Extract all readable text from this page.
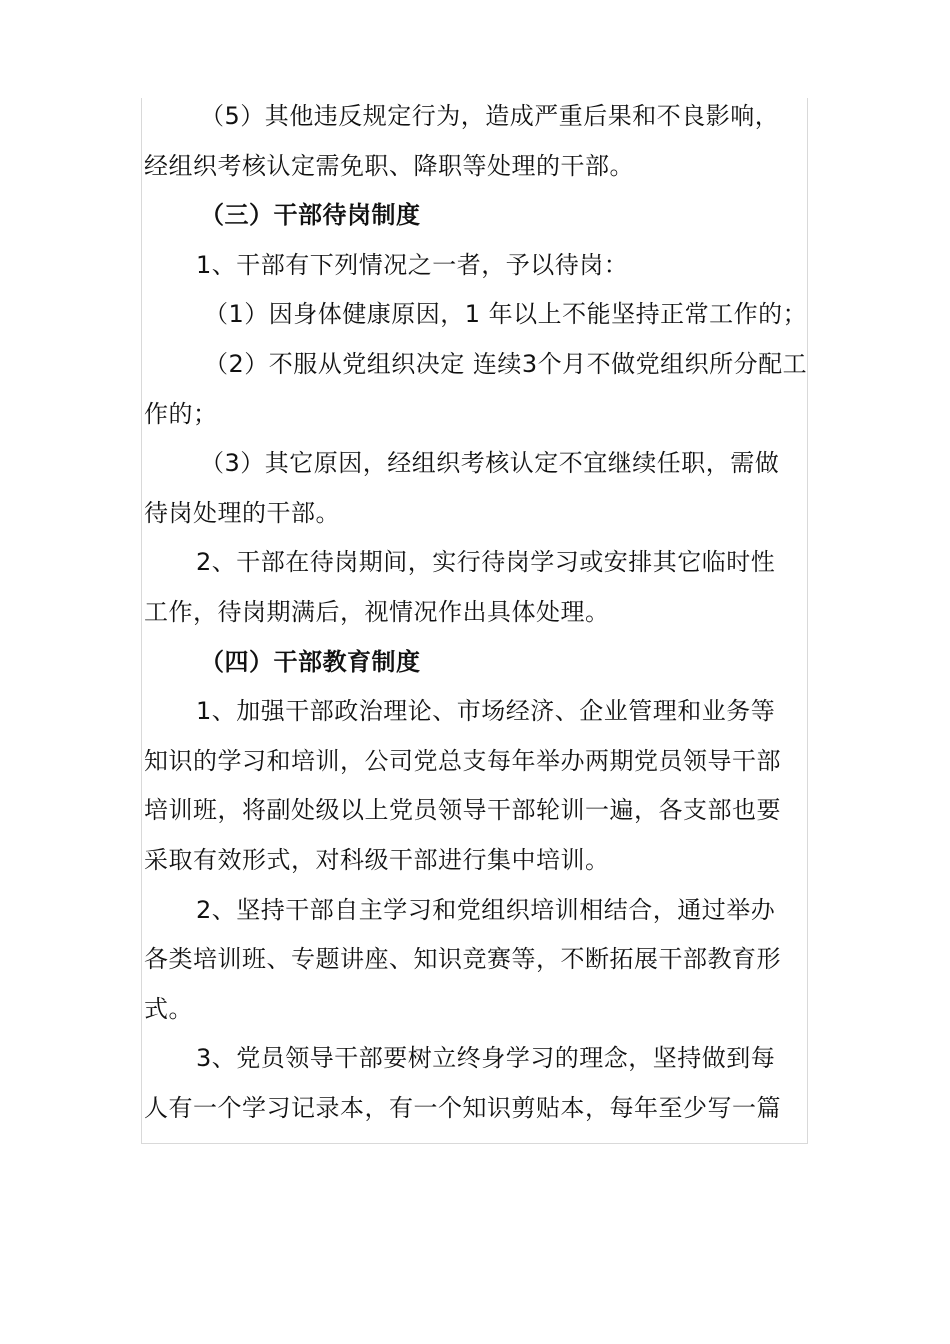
（5）其他违反规定行为，造成严重后果和不良影响，
经组织考核认定需免职、降职等处理的干部。
（三）干部待岗制度
1、干部有下列情况之一者，予以待岗：
（1）因身体健康原因，1 年以上不能坚持正常工作的；
（2）不服从党组织决定 连续3个月不做党组织所分配工
作的；
（3）其它原因，经组织考核认定不宜继续任职，需做
待岗处理的干部。
2、干部在待岗期间，实行待岗学习或安排其它临时性
工作，待岗期满后，视情况作出具体处理。
（四）干部教育制度
1、加强干部政治理论、市场经济、企业管理和业务等
知识的学习和培训，公司党总支每年举办两期党员领导干部
培训班，将副处级以上党员领导干部轮训一遍，各支部也要
采取有效形式，对科级干部进行集中培训。
2、坚持干部自主学习和党组织培训相结合，通过举办
各类培训班、专题讲座、知识竞赛等，不断拓展干部教育形
式。
3、党员领导干部要树立终身学习的理念，坚持做到每
人有一个学习记录本，有一个知识剪贴本，每年至少写一篇
